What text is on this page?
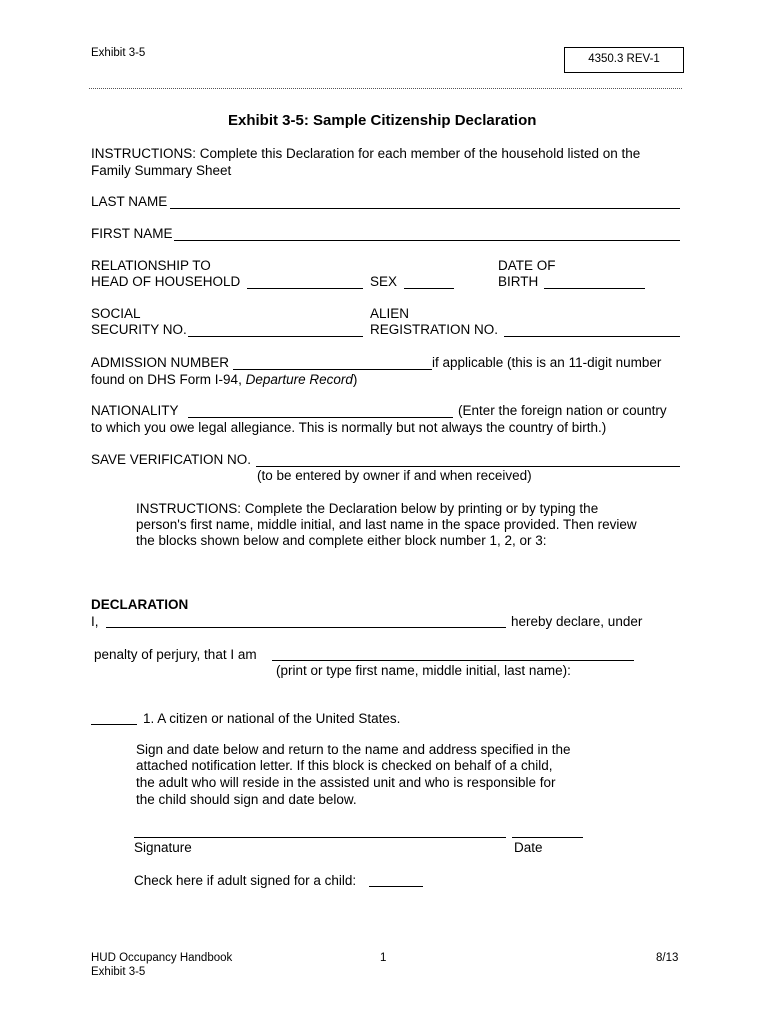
Exhibit 3-5	4350.3 REV-1
Exhibit 3-5: Sample Citizenship Declaration
INSTRUCTIONS: Complete this Declaration for each member of the household listed on the
Family Summary Sheet
LAST NAME
FIRST NAME
RELATIONSHIP TO
HEAD OF HOUSEHOLD	SEX
DATE OF
BIRTH
SOCIAL
SECURITY NO.
ALIEN
REGISTRATION NO.
ADMISSION NUMBER	if applicable (this is an 11-digit number
found on DHS Form I-94, Departure Record)
NATIONALITY	(Enter the foreign nation or country
to which you owe legal allegiance. This is normally but not always the country of birth.)
SAVE VERIFICATION NO.
(to be entered by owner if and when received)
INSTRUCTIONS: Complete the Declaration below by printing or by typing the
person's first name, middle initial, and last name in the space provided. Then review
the blocks shown below and complete either block number 1, 2, or 3:
DECLARATION
I,	hereby declare, under
penalty of perjury, that I am
(print or type first name, middle initial, last name):
1. A citizen or national of the United States.
Sign and date below and return to the name and address specified in the
attached notification letter. If this block is checked on behalf of a child,
the adult who will reside in the assisted unit and who is responsible for
the child should sign and date below.
Signature	Date
Check here if adult signed for a child:
HUD Occupancy Handbook
Exhibit 3-5
1	8/13
